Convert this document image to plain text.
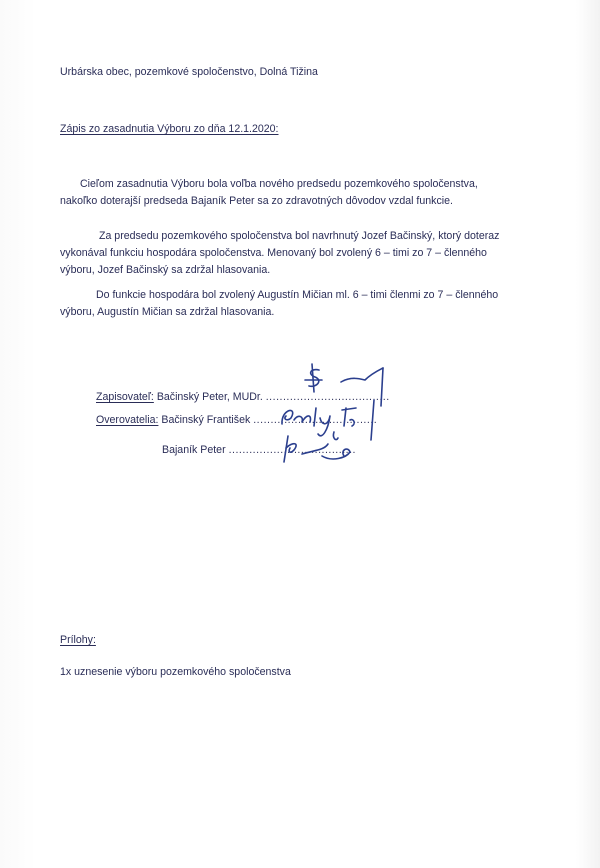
Urbárska obec, pozemkové spoločenstvo, Dolná Tižina
Zápis zo zasadnutia Výboru zo dňa 12.1.2020:
Cieľom zasadnutia Výboru bola voľba nového predsedu pozemkového spoločenstva,
nakoľko doterajší predseda Bajaník Peter sa zo zdravotných dôvodov vzdal funkcie.
Za predsedu pozemkového spoločenstva bol navrhnutý Jozef Bačinský, ktorý doteraz
vykonával funkciu hospodára spoločenstva. Menovaný bol zvolený 6 – timi zo 7 – členného
výboru, Jozef Bačinský sa zdržal hlasovania.
Do funkcie hospodára bol zvolený Augustín Mičian ml. 6 – timi členmi zo 7 – členného
výboru, Augustín Mičian sa zdržal hlasovania.
Zapisovateľ: Bačinský Peter, MUDr. ....................................
Overovatelia: Bačinský František ....................................
Bajaník Peter .....................................
Prílohy:
1x uznesenie výboru pozemkového spoločenstva
